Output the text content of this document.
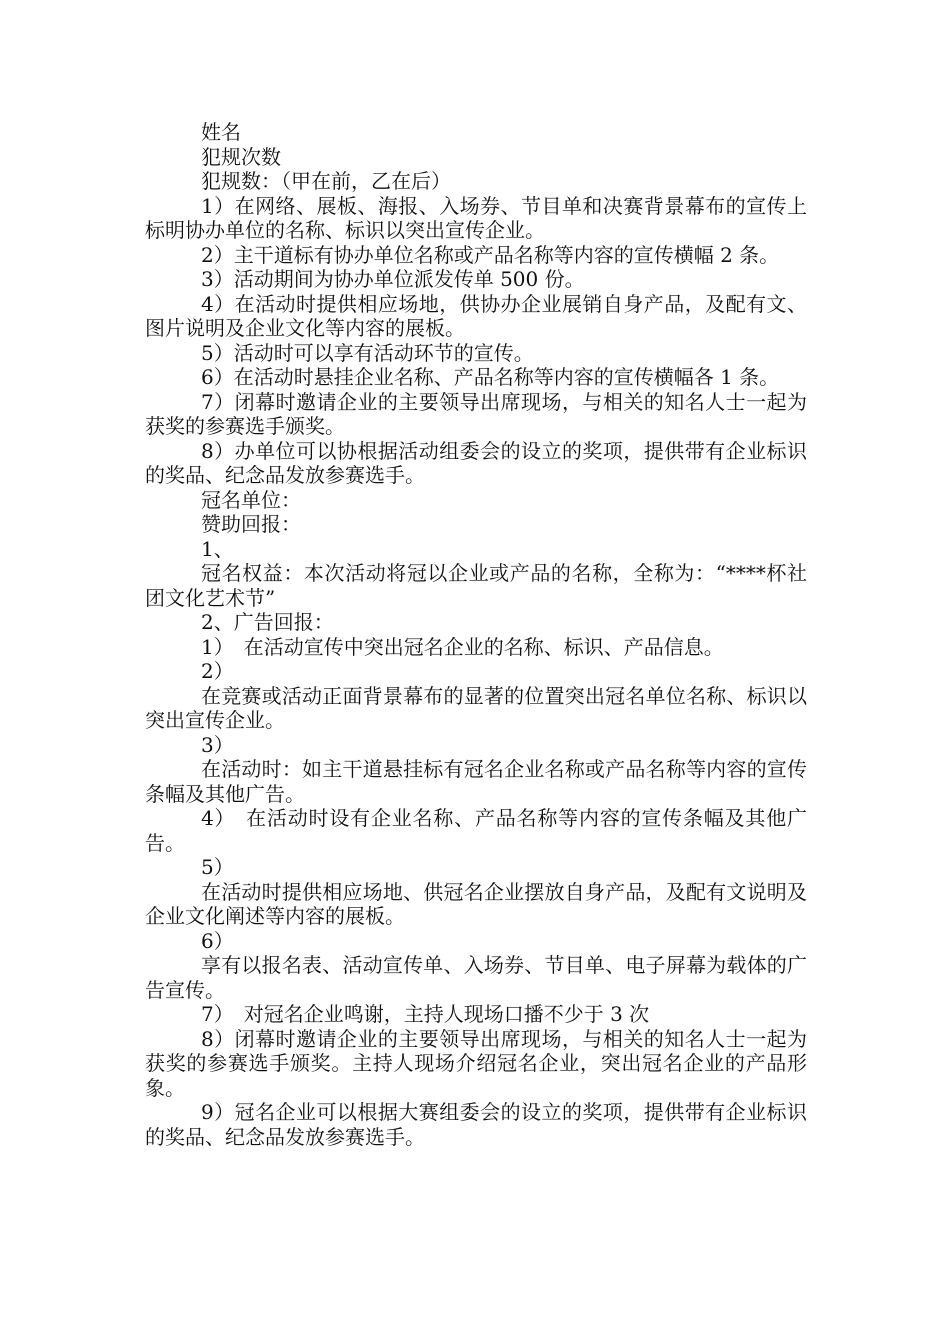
姓名

犯规次数

犯规数：（甲在前，乙在后）

1）在网络、展板、海报、入场券、节目单和决赛背景幕布的宣传上标明协办单位的名称、标识以突出宣传企业。

2）主干道标有协办单位名称或产品名称等内容的宣传横幅 2 条。

3）活动期间为协办单位派发传单 500 份。

4）在活动时提供相应场地，供协办企业展销自身产品，及配有文、图片说明及企业文化等内容的展板。

5）活动时可以享有活动环节的宣传。

6）在活动时悬挂企业名称、产品名称等内容的宣传横幅各 1 条。

7）闭幕时邀请企业的主要领导出席现场，与相关的知名人士一起为获奖的参赛选手颁奖。

8）办单位可以协根据活动组委会的设立的奖项，提供带有企业标识的奖品、纪念品发放参赛选手。

冠名单位：

赞助回报：

1、

冠名权益：本次活动将冠以企业或产品的名称，全称为：“****杯社团文化艺术节”

2、广告回报：

1）　在活动宣传中突出冠名企业的名称、标识、产品信息。

2）

在竞赛或活动正面背景幕布的显著的位置突出冠名单位名称、标识以突出宣传企业。

3）

在活动时：如主干道悬挂标有冠名企业名称或产品名称等内容的宣传条幅及其他广告。

4）　在活动时设有企业名称、产品名称等内容的宣传条幅及其他广告。

5）

在活动时提供相应场地、供冠名企业摆放自身产品，及配有文说明及企业文化阐述等内容的展板。

6）

享有以报名表、活动宣传单、入场券、节目单、电子屏幕为载体的广告宣传。

7）　对冠名企业鸣谢，主持人现场口播不少于 3 次

8）闭幕时邀请企业的主要领导出席现场，与相关的知名人士一起为获奖的参赛选手颁奖。主持人现场介绍冠名企业，突出冠名企业的产品形象。

9）冠名企业可以根据大赛组委会的设立的奖项，提供带有企业标识的奖品、纪念品发放参赛选手。
